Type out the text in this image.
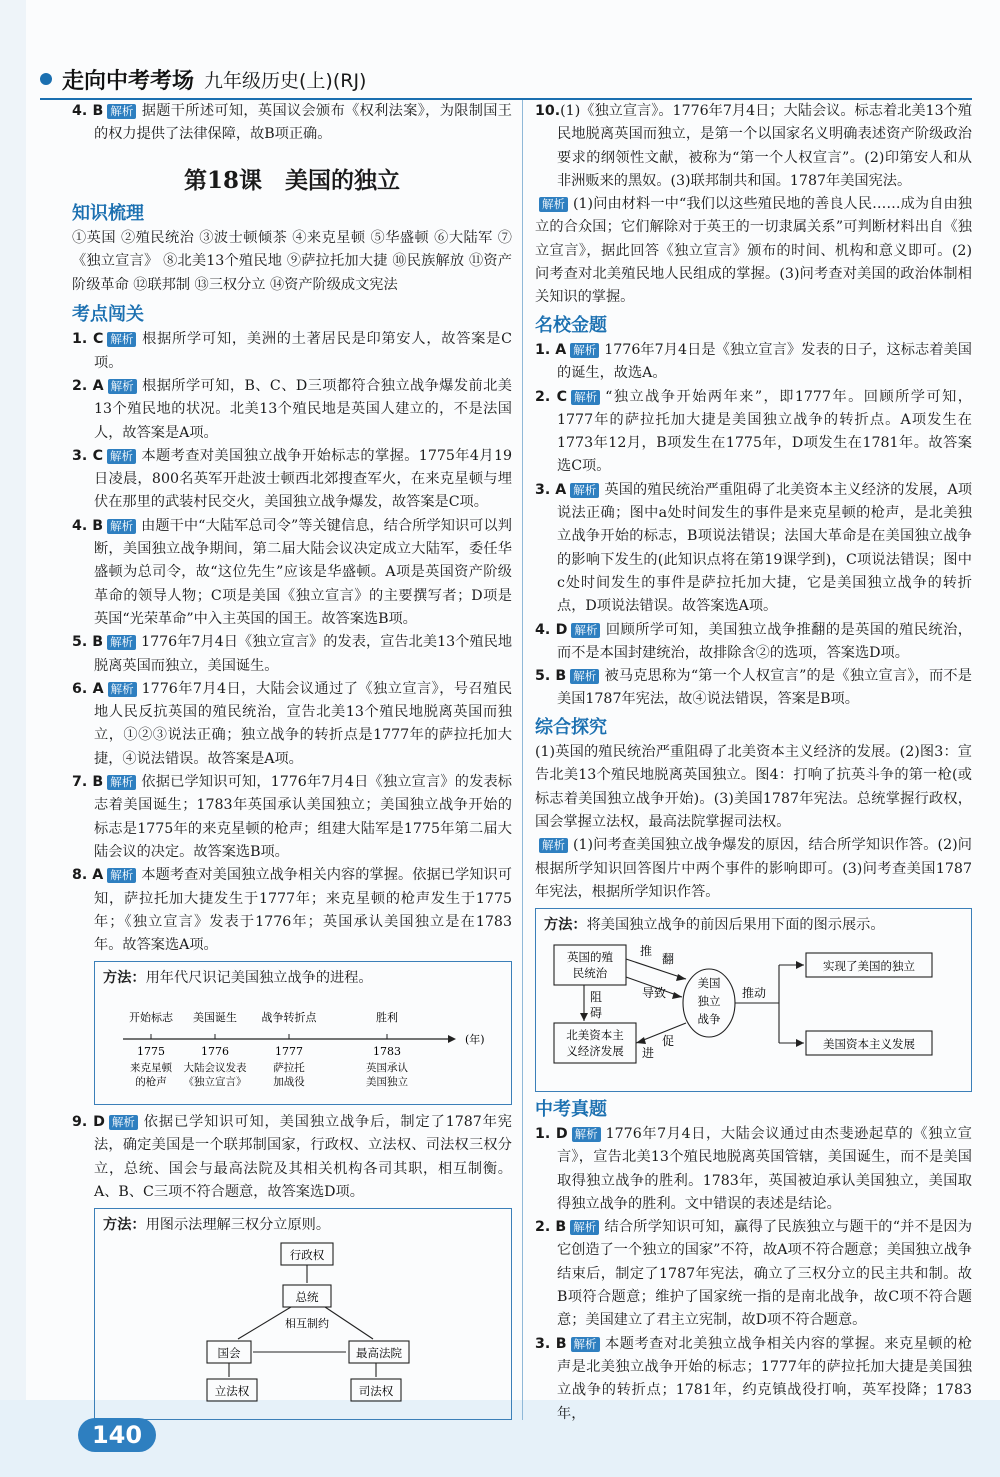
走向中考考场 九年级历史(上)(RJ)

4. B 解析 据题干所述可知，英国议会颁布《权利法案》，为限制国王的权力提供了法律保障，故B项正确。

第18课　美国的独立
知识梳理

①英国 ②殖民统治 ③波士顿倾茶 ④来克星顿 ⑤华盛顿 ⑥大陆军 ⑦《独立宣言》 ⑧北美13个殖民地 ⑨萨拉托加大捷 ⑩民族解放 ⑪资产阶级革命 ⑫联邦制 ⑬三权分立 ⑭资产阶级成文宪法

考点闯关

1. C 解析 根据所学可知，美洲的土著居民是印第安人，故答案是C项。

2. A 解析 根据所学可知，B、C、D三项都符合独立战争爆发前北美13个殖民地的状况。北美13个殖民地是英国人建立的，不是法国人，故答案是A项。

3. C 解析 本题考查对美国独立战争开始标志的掌握。1775年4月19日凌晨，800名英军开赴波士顿西北郊搜查军火，在来克星顿与埋伏在那里的武装村民交火，美国独立战争爆发，故答案是C项。

4. B 解析 由题干中“大陆军总司令”等关键信息，结合所学知识可以判断，美国独立战争期间，第二届大陆会议决定成立大陆军，委任华盛顿为总司令，故“这位先生”应该是华盛顿。A项是英国资产阶级革命的领导人物；C项是美国《独立宣言》的主要撰写者；D项是英国“光荣革命”中入主英国的国王。故答案选B项。

5. B 解析 1776年7月4日《独立宣言》的发表，宣告北美13个殖民地脱离英国而独立，美国诞生。

6. A 解析 1776年7月4日，大陆会议通过了《独立宣言》，号召殖民地人民反抗英国的殖民统治，宣告北美13个殖民地脱离英国而独立，①②③说法正确；独立战争的转折点是1777年的萨拉托加大捷，④说法错误。故答案是A项。

7. B 解析 依据已学知识可知，1776年7月4日《独立宣言》的发表标志着美国诞生；1783年英国承认美国独立；美国独立战争开始的标志是1775年的来克星顿的枪声；组建大陆军是1775年第二届大陆会议的决定。故答案选B项。

8. A 解析 本题考查对美国独立战争相关内容的掌握。依据已学知识可知，萨拉托加大捷发生于1777年；来克星顿的枪声发生于1775年；《独立宣言》发表于1776年；英国承认美国独立是在1783年。故答案选A项。

方法：用年代尺识记美国独立战争的进程。

开始标志
1775
来克星顿
的枪声
美国诞生
1776
大陆会议发表
《独立宣言》
战争转折点
1777
萨拉托
加战役
胜利
1783
英国承认
美国独立
(年)

9. D 解析 依据已学知识可知，美国独立战争后，制定了1787年宪法，确定美国是一个联邦制国家，行政权、立法权、司法权三权分立，总统、国会与最高法院及其相关机构各司其职，相互制衡。A、B、C三项不符合题意，故答案选D项。

方法：用图示法理解三权分立原则。

行政权
总统
国会	最高法院
立法权	司法权
相互制约

10.(1)《独立宣言》。1776年7月4日；大陆会议。标志着北美13个殖民地脱离英国而独立，是第一个以国家名义明确表述资产阶级政治要求的纲领性文献，被称为“第一个人权宣言”。(2)印第安人和从非洲贩来的黑奴。(3)联邦制共和国。1787年美国宪法。

解析 (1)问由材料一中“我们以这些殖民地的善良人民……成为自由独立的合众国；它们解除对于英王的一切隶属关系”可判断材料出自《独立宣言》，据此回答《独立宣言》颁布的时间、机构和意义即可。(2)问考查对北美殖民地人民组成的掌握。(3)问考查对美国的政治体制相关知识的掌握。

名校金题

1. A 解析 1776年7月4日是《独立宣言》发表的日子，这标志着美国的诞生，故选A。

2. C 解析 “独立战争开始两年来”，即1777年。回顾所学可知，1777年的萨拉托加大捷是美国独立战争的转折点。A项发生在1773年12月，B项发生在1775年，D项发生在1781年。故答案选C项。

3. A 解析 英国的殖民统治严重阻碍了北美资本主义经济的发展，A项说法正确；图中a处时间发生的事件是来克星顿的枪声，是北美独立战争开始的标志，B项说法错误；法国大革命是在美国独立战争的影响下发生的(此知识点将在第19课学到)，C项说法错误；图中c处时间发生的事件是萨拉托加大捷，它是美国独立战争的转折点，D项说法错误。故答案选A项。

4. D 解析 回顾所学可知，美国独立战争推翻的是英国的殖民统治，而不是本国封建统治，故排除含②的选项，答案选D项。

5. B 解析 被马克思称为“第一个人权宣言”的是《独立宣言》，而不是美国1787年宪法，故④说法错误，答案是B项。

综合探究

(1)英国的殖民统治严重阻碍了北美资本主义经济的发展。(2)图3：宣告北美13个殖民地脱离英国独立。图4：打响了抗英斗争的第一枪(或标志着美国独立战争开始)。(3)美国1787年宪法。总统掌握行政权，国会掌握立法权，最高法院掌握司法权。

解析 (1)问考查美国独立战争爆发的原因，结合所学知识作答。(2)问根据所学知识回答图片中两个事件的影响即可。(3)问考查美国1787年宪法，根据所学知识作答。

方法：将美国独立战争的前因后果用下面的图示展示。

英国的殖
民统治
北美资本主
义经济发展
美国
独立
战争
实现了美国的独立
美国资本主义发展
推
翻
导致
阻
碍
促
进
推动
中考真题

1. D 解析 1776年7月4日，大陆会议通过由杰斐逊起草的《独立宣言》，宣告北美13个殖民地脱离英国管辖，美国诞生，而不是美国取得独立战争的胜利。1783年，英国被迫承认美国独立，美国取得独立战争的胜利。文中错误的表述是结论。

2. B 解析 结合所学知识可知，赢得了民族独立与题干的“并不是因为它创造了一个独立的国家”不符，故A项不符合题意；美国独立战争结束后，制定了1787年宪法，确立了三权分立的民主共和制。故B项符合题意；维护了国家统一指的是南北战争，故C项不符合题意；美国建立了君主立宪制，故D项不符合题意。

3. B 解析 本题考查对北美独立战争相关内容的掌握。来克星顿的枪声是北美独立战争开始的标志；1777年的萨拉托加大捷是美国独立战争的转折点；1781年，约克镇战役打响，英军投降；1783年，

140
